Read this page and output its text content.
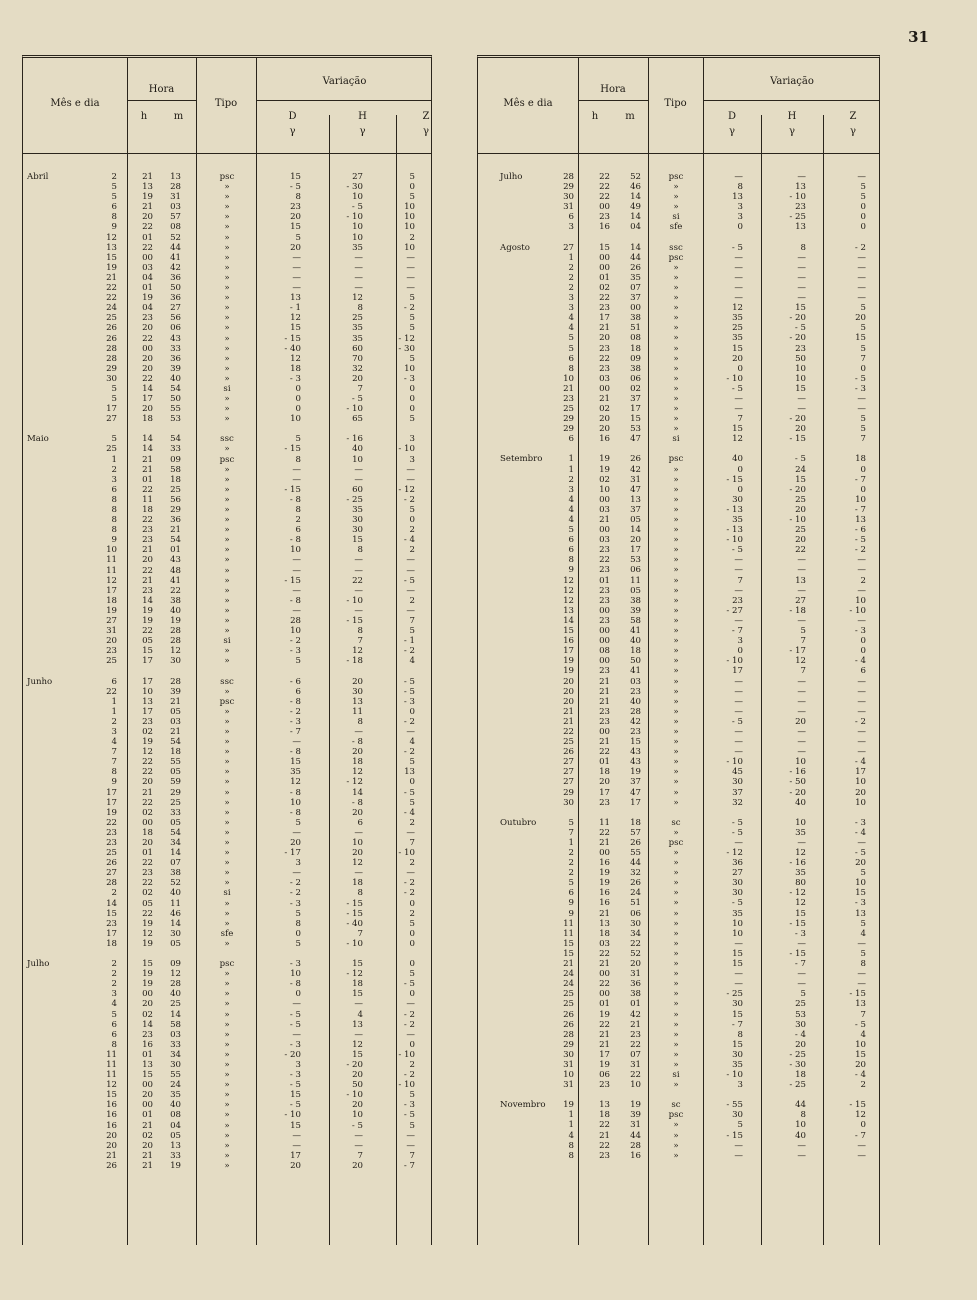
31
Mês e dia
Hora
h	m
Tipo
Variação
D	H	Z
γ	γ	γ
Abril	2	21	13	psc	15	27	5
5	13	28	»	- 5	- 30	0
5	19	31	»	8	10	5
6	21	03	»	23	- 5	10
8	20	57	»	20	- 10	10
9	22	08	»	15	10	10
12	01	52	»	5	10	2
13	22	44	»	20	35	10
15	00	41	»	—	—	—
19	03	42	»	—	—	—
21	04	36	»	—	—	—
22	01	50	»	—	—	—
22	19	36	»	13	12	5
24	04	27	»	- 1	8	- 2
25	23	56	»	12	25	5
26	20	06	»	15	35	5
26	22	43	»	- 15	35	- 12
28	00	33	»	- 40	60	- 30
28	20	36	»	12	70	5
29	20	39	»	18	32	10
30	22	40	»	- 3	20	- 3
5	14	54	si	0	7	0
5	17	50	»	0	- 5	0
17	20	55	»	0	- 10	0
27	18	53	»	10	65	5
Maio	5	14	54	ssc	5	- 16	3
25	14	33	»	- 15	40	- 10
1	21	09	psc	8	10	3
2	21	58	»	—	—	—
3	01	18	»	—	—	—
6	22	25	»	- 15	60	- 12
8	11	56	»	- 8	- 25	- 2
8	18	29	»	8	35	5
8	22	36	»	2	30	0
8	23	21	»	6	30	2
9	23	54	»	- 8	15	- 4
10	21	01	»	10	8	2
11	20	43	»	—	—	—
11	22	48	»	—	—	—
12	21	41	»	- 15	22	- 5
17	23	22	»	—	—	—
18	14	38	»	- 8	- 10	2
19	19	40	»	—	—	—
27	19	19	»	28	- 15	7
31	22	28	»	10	8	5
20	05	28	si	- 2	7	- 1
23	15	12	»	- 3	12	- 2
25	17	30	»	5	- 18	4
Junho	6	17	28	ssc	- 6	20	- 5
22	10	39	»	6	30	- 5
1	13	21	psc	- 8	13	- 3
1	17	05	»	- 2	11	0
2	23	03	»	- 3	8	- 2
3	02	21	»	- 7	—	—
4	19	54	»	—	- 8	4
7	12	18	»	- 8	20	- 2
7	22	55	»	15	18	5
8	22	05	»	35	12	13
9	20	59	»	12	- 12	0
17	21	29	»	- 8	14	- 5
17	22	25	»	10	- 8	5
19	02	33	»	- 8	20	- 4
22	00	05	»	5	6	2
23	18	54	»	—	—	—
23	20	34	»	20	10	7
25	01	14	»	- 17	20	- 10
26	22	07	»	3	12	2
27	23	38	»	—	—	—
28	22	52	»	- 2	18	- 2
2	02	40	si	- 2	8	- 2
14	05	11	»	- 3	- 15	0
15	22	46	»	5	- 15	2
23	19	14	»	8	- 40	5
17	12	30	sfe	0	7	0
18	19	05	»	5	- 10	0
Julho	2	15	09	psc	- 3	15	0
2	19	12	»	10	- 12	5
2	19	28	»	- 8	18	- 5
3	00	40	»	0	15	0
4	20	25	»	—	—	—
5	02	14	»	- 5	4	- 2
6	14	58	»	- 5	13	- 2
6	23	03	»	—	—	—
8	16	33	»	- 3	12	0
11	01	34	»	- 20	15	- 10
11	13	30	»	3	- 20	2
11	15	55	»	- 3	20	- 2
12	00	24	»	- 5	50	- 10
15	20	35	»	15	- 10	5
16	00	40	»	- 5	20	- 3
16	01	08	»	- 10	10	- 5
16	21	04	»	15	- 5	5
20	02	05	»	—	—	—
20	20	13	»	—	—	—
21	21	33	»	17	7	7
26	21	19	»	20	20	- 7
Mês e dia
Hora
h	m
Tipo
Variação
D	H	Z
γ	γ	γ
Julho	28	22	52	psc	—	—	—
29	22	46	»	8	13	5
30	22	14	»	13	- 10	5
31	00	49	»	3	23	0
6	23	14	si	3	- 25	0
3	16	04	sfe	0	13	0
Agosto	27	15	14	ssc	- 5	8	- 2
1	00	44	psc	—	—	—
2	00	26	»	—	—	—
2	01	35	»	—	—	—
2	02	07	»	—	—	—
3	22	37	»	—	—	—
3	23	00	»	12	15	5
4	17	38	»	35	- 20	20
4	21	51	»	25	- 5	5
5	20	08	»	35	- 20	15
5	23	18	»	15	23	5
6	22	09	»	20	50	7
8	23	38	»	0	10	0
10	03	06	»	- 10	10	- 5
21	00	02	»	- 5	15	- 3
23	21	37	»	—	—	—
25	02	17	»	—	—	—
29	20	15	»	7	- 20	5
29	20	53	»	15	20	5
6	16	47	si	12	- 15	7
Setembro	1	19	26	psc	40	- 5	18
1	19	42	»	0	24	0
2	02	31	»	- 15	15	- 7
3	10	47	»	0	- 20	0
4	00	13	»	30	25	10
4	03	37	»	- 13	20	- 7
4	21	05	»	35	- 10	13
5	00	14	»	- 13	25	- 6
6	03	20	»	- 10	20	- 5
6	23	17	»	- 5	22	- 2
8	22	53	»	—	—	—
9	23	06	»	—	—	—
12	01	11	»	7	13	2
12	23	05	»	—	—	—
12	23	38	»	23	27	10
13	00	39	»	- 27	- 18	- 10
14	23	58	»	—	—	—
15	00	41	»	- 7	5	- 3
16	00	40	»	3	7	0
17	08	18	»	0	- 17	0
19	00	50	»	- 10	12	- 4
19	23	41	»	17	7	6
20	21	03	»	—	—	—
20	21	23	»	—	—	—
20	21	40	»	—	—	—
21	23	28	»	—	—	—
21	23	42	»	- 5	20	- 2
22	00	23	»	—	—	—
25	21	15	»	—	—	—
26	22	43	»	—	—	—
27	01	43	»	- 10	10	- 4
27	18	19	»	45	- 16	17
27	20	37	»	30	- 50	10
29	17	47	»	37	- 20	20
30	23	17	»	32	40	10
Outubro	5	11	18	sc	- 5	10	- 3
7	22	57	»	- 5	35	- 4
1	21	26	psc	—	—	—
2	00	55	»	- 12	12	- 5
2	16	44	»	36	- 16	20
2	19	32	»	27	35	5
5	19	26	»	30	80	10
6	16	24	»	30	- 12	15
9	16	51	»	- 5	12	- 3
9	21	06	»	35	15	13
11	13	30	»	10	- 15	5
11	18	34	»	10	- 3	4
15	03	22	»	—	—	—
15	22	52	»	15	- 15	5
21	21	20	»	15	- 7	8
24	00	31	»	—	—	—
24	22	36	»	—	—	—
25	00	38	»	- 25	5	- 15
25	01	01	»	30	25	13
26	19	42	»	15	53	7
26	22	21	»	- 7	30	- 5
28	21	23	»	8	- 4	4
29	21	22	»	15	20	10
30	17	07	»	30	- 25	15
31	19	31	»	35	- 30	20
10	06	22	si	- 10	18	- 4
31	23	10	»	3	- 25	2
Novembro	19	13	19	sc	- 55	44	- 15
1	18	39	psc	30	8	12
1	22	31	»	5	10	0
4	21	44	»	- 15	40	- 7
8	22	28	»	—	—	—
8	23	16	»	—	—	—
